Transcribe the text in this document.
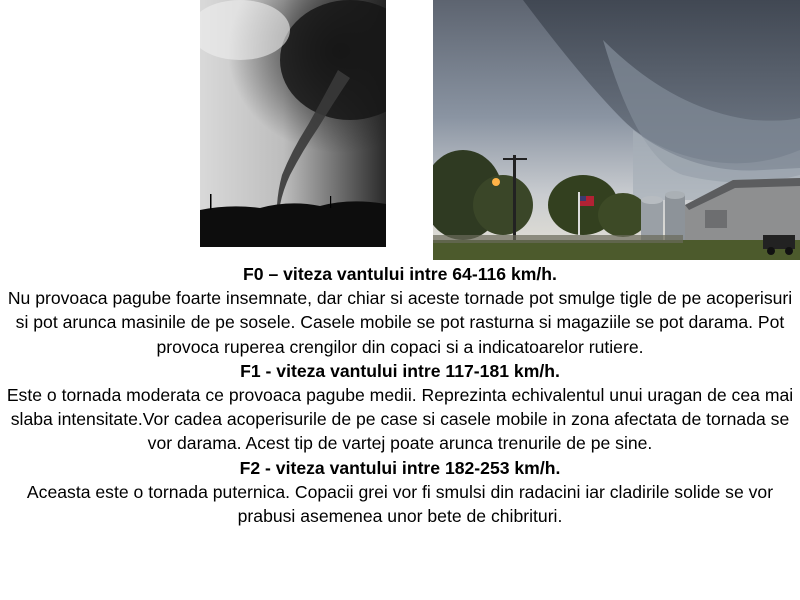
F0 – viteza vantului intre 64-116 km/h.

Nu provoaca pagube foarte insemnate, dar chiar si aceste tornade pot smulge tigle de pe acoperisuri si pot arunca masinile de pe sosele. Casele mobile se pot rasturna si magaziile se pot darama. Pot provoca ruperea crengilor din copaci si a indicatoarelor rutiere.

F1 - viteza vantului intre 117-181 km/h.

Este o tornada moderata ce provoaca pagube medii. Reprezinta echivalentul unui uragan de cea mai slaba intensitate.Vor cadea acoperisurile de pe case si casele mobile in zona afectata de tornada se vor darama. Acest tip de vartej poate arunca trenurile de pe sine.

F2 - viteza vantului intre 182-253 km/h.

Aceasta este o tornada puternica. Copacii grei vor fi smulsi din radacini iar cladirile solide se vor prabusi asemenea unor bete de chibrituri.
